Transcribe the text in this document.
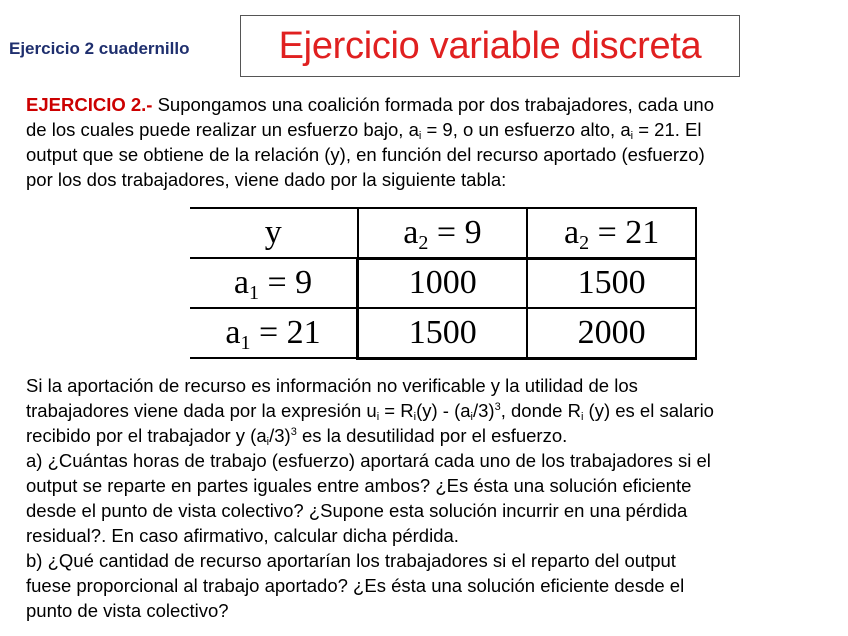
Ejercicio 2 cuadernillo Ejercicio variable discreta
EJERCICIO 2.- Supongamos una coalición formada por dos trabajadores, cada uno
de los cuales puede realizar un esfuerzo bajo, $a_i = 9$, o un esfuerzo alto, $a_i = 21$. El
output que se obtiene de la relación (y), en función del recurso aportado (esfuerzo)
por los dos trabajadores, viene dado por la siguiente tabla:
y	$a_2 = 9$	$a_2 = 21$
$a_1 = 9$	1000	1500
$a_1 = 21$	1500	2000
Si la aportación de recurso es información no verificable y la utilidad de los
trabajadores viene dada por la expresión $u_i = R_i(y) - (a_i/3)^3$, donde $R_i$ (y) es el salario
recibido por el trabajador y $(a_i/3)^3$ es la desutilidad por el esfuerzo.
a) ¿Cuántas horas de trabajo (esfuerzo) aportará cada uno de los trabajadores si el
output se reparte en partes iguales entre ambos? ¿Es ésta una solución eficiente
desde el punto de vista colectivo? ¿Supone esta solución incurrir en una pérdida
residual?. En caso afirmativo, calcular dicha pérdida.
b) ¿Qué cantidad de recurso aportarían los trabajadores si el reparto del output
fuese proporcional al trabajo aportado? ¿Es ésta una solución eficiente desde el
punto de vista colectivo?
